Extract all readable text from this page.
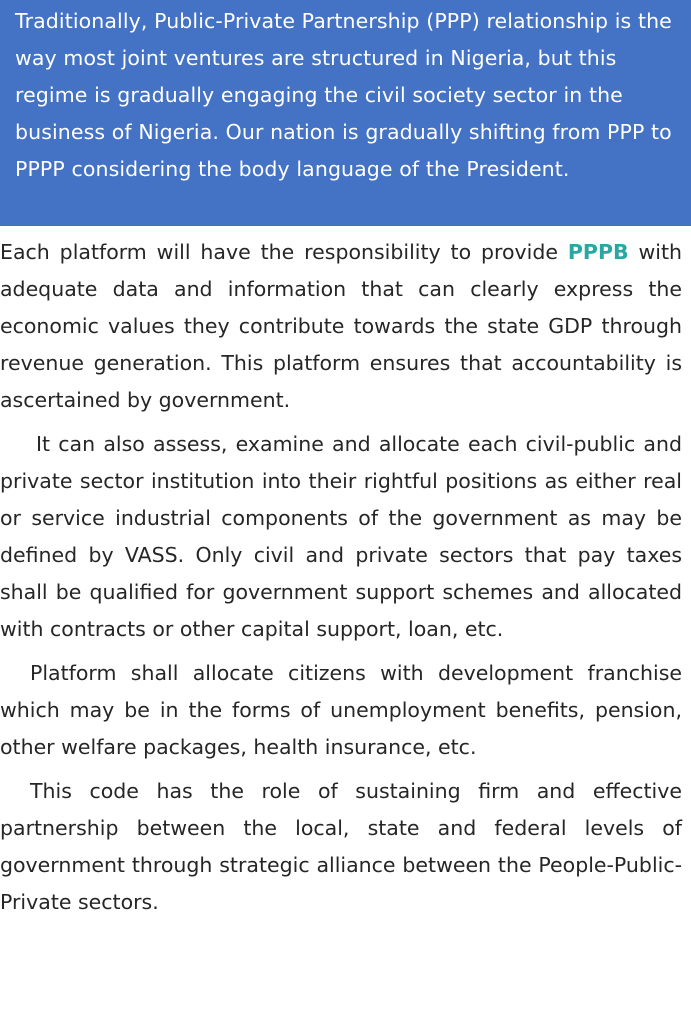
Traditionally, Public-Private Partnership (PPP) relationship is the way most joint ventures are structured in Nigeria, but this regime is gradually engaging the civil society sector in the business of Nigeria. Our nation is gradually shifting from PPP to PPPP considering the body language of the President.

Each platform will have the responsibility to provide PPPB with adequate data and information that can clearly express the economic values they contribute towards the state GDP through revenue generation. This platform ensures that accountability is ascertained by government.

It can also assess, examine and allocate each civil-public and private sector institution into their rightful positions as either real or service industrial components of the government as may be defined by VASS. Only civil and private sectors that pay taxes shall be qualified for government support schemes and allocated with contracts or other capital support, loan, etc.

Platform shall allocate citizens with development franchise which may be in the forms of unemployment benefits, pension, other welfare packages, health insurance, etc.

This code has the role of sustaining firm and effective partnership between the local, state and federal levels of government through strategic alliance between the People-Public-Private sectors.
